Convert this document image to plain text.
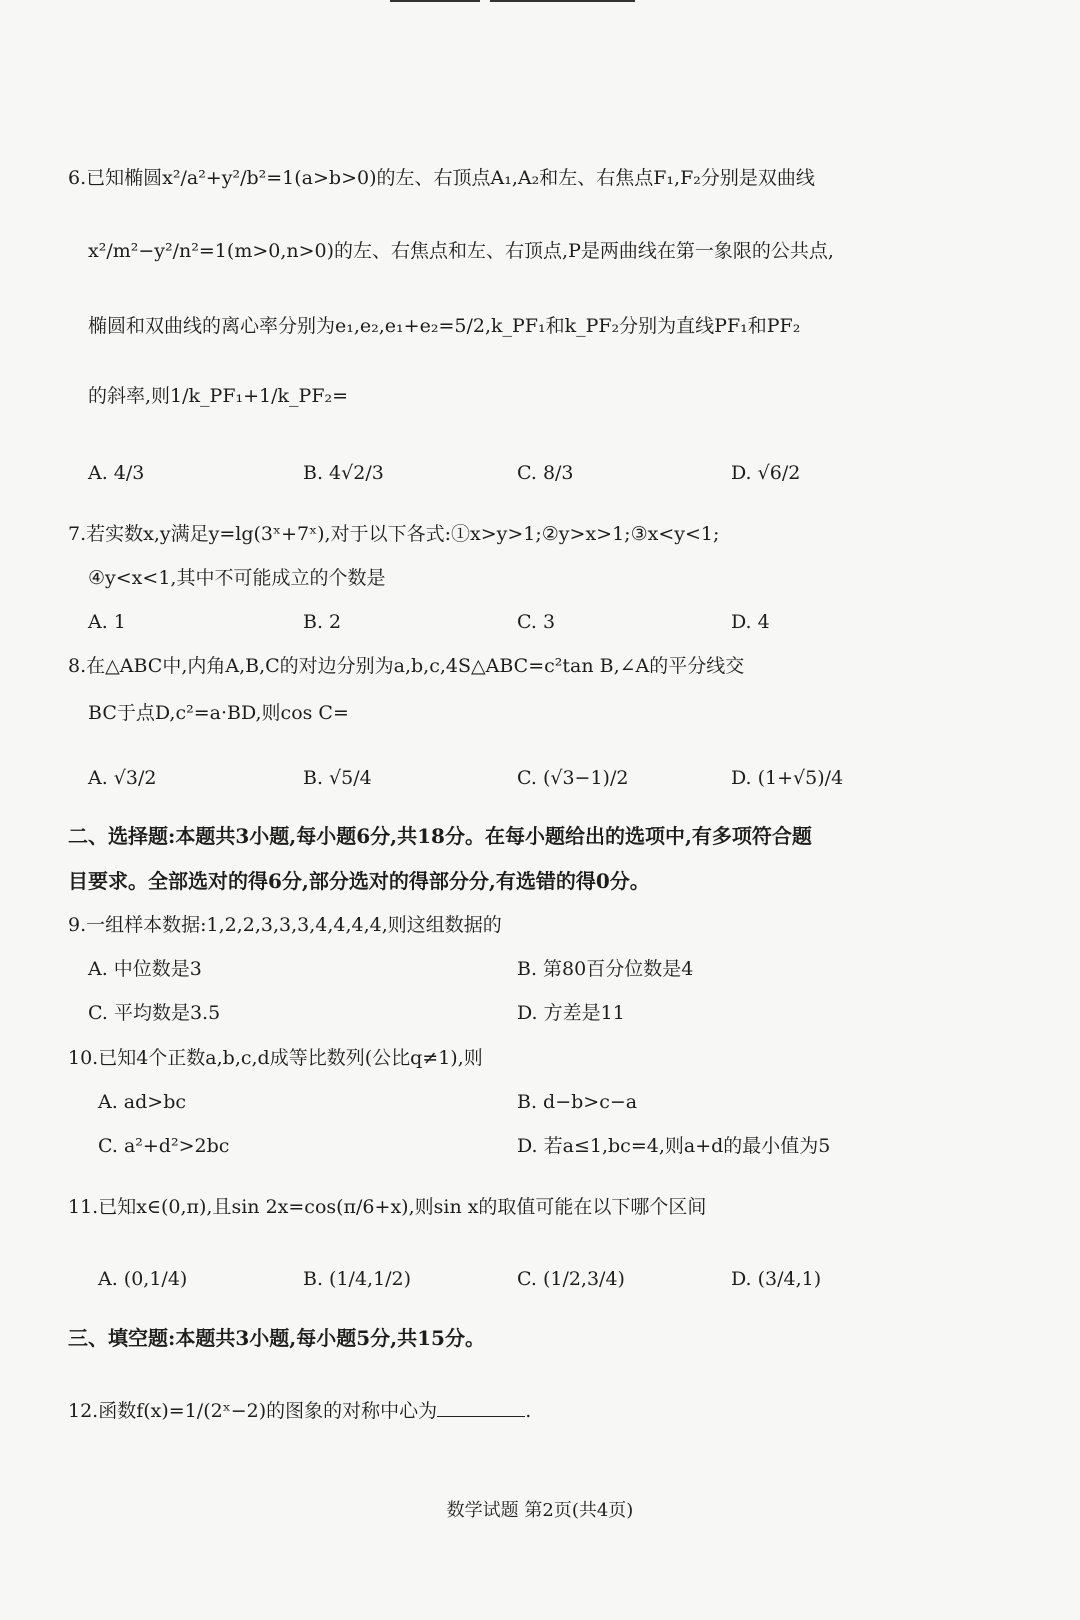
6.已知椭圆x²/a²+y²/b²=1(a>b>0)的左、右顶点A₁,A₂和左、右焦点F₁,F₂分别是双曲线
x²/m²−y²/n²=1(m>0,n>0)的左、右焦点和左、右顶点,P是两曲线在第一象限的公共点,
椭圆和双曲线的离心率分别为e₁,e₂,e₁+e₂=5/2,k_PF₁和k_PF₂分别为直线PF₁和PF₂
的斜率,则1/k_PF₁+1/k_PF₂=
A. 4/3	B. 4√2/3	C. 8/3	D. √6/2
7.若实数x,y满足y=lg(3ˣ+7ˣ),对于以下各式:①x>y>1;②y>x>1;③x<y<1;
④y<x<1,其中不可能成立的个数是
A. 1	B. 2	C. 3	D. 4
8.在△ABC中,内角A,B,C的对边分别为a,b,c,4S△ABC=c²tan B,∠A的平分线交
BC于点D,c²=a·BD,则cos C=
A. √3/2	B. √5/4	C. (√3−1)/2	D. (1+√5)/4
二、选择题:本题共3小题,每小题6分,共18分。在每小题给出的选项中,有多项符合题
目要求。全部选对的得6分,部分选对的得部分分,有选错的得0分。
9.一组样本数据:1,2,2,3,3,3,4,4,4,4,则这组数据的
A. 中位数是3	B. 第80百分位数是4
C. 平均数是3.5	D. 方差是11
10.已知4个正数a,b,c,d成等比数列(公比q≠1),则
A. ad>bc	B. d−b>c−a
C. a²+d²>2bc	D. 若a≤1,bc=4,则a+d的最小值为5
11.已知x∈(0,π),且sin 2x=cos(π/6+x),则sin x的取值可能在以下哪个区间
A. (0,1/4)	B. (1/4,1/2)	C. (1/2,3/4)	D. (3/4,1)
三、填空题:本题共3小题,每小题5分,共15分。
12.函数f(x)=1/(2ˣ−2)的图象的对称中心为	.
数学试题 第2页(共4页)
